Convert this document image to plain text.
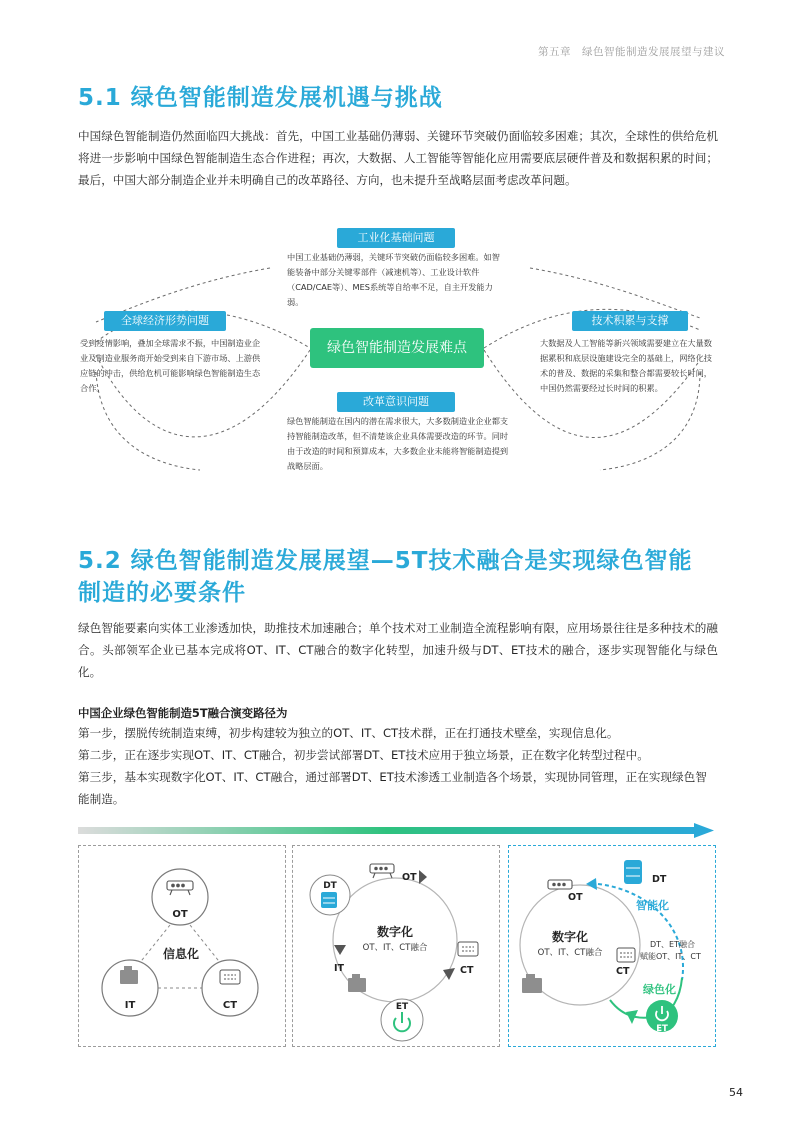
第五章　绿色智能制造发展展望与建议
5.1 绿色智能制造发展机遇与挑战

中国绿色智能制造仍然面临四大挑战：首先，中国工业基础仍薄弱、关键环节突破仍面临较多困难；其次，全球性的供给危机将进一步影响中国绿色智能制造生态合作进程；再次，大数据、人工智能等智能化应用需要底层硬件普及和数据积累的时间；最后，中国大部分制造企业并未明确自己的改革路径、方向，也未提升至战略层面考虑改革问题。

工业化基础问题
中国工业基础仍薄弱，关键环节突破仍面临较多困难。如智能装备中部分关键零部件（减速机等）、工业设计软件（CAD/CAE等）、MES系统等自给率不足，自主开发能力弱。
全球经济形势问题
受到疫情影响，叠加全球需求不振，中国制造业企业及制造业服务商开始受到来自下游市场、上游供应链的冲击，供给危机可能影响绿色智能制造生态合作。
绿色智能制造发展难点
技术积累与支撑
大数据及人工智能等新兴领域需要建立在大量数据累积和底层设施建设完全的基础上，网络化技术的普及、数据的采集和整合都需要较长时间，中国仍然需要经过长时间的积累。
改革意识问题
绿色智能制造在国内的潜在需求很大，大多数制造业企业都支持智能制造改革，但不清楚该企业具体需要改造的环节。同时由于改造的时间和预算成本，大多数企业未能将智能制造提到战略层面。
5.2 绿色智能制造发展展望—5T技术融合是实现绿色智能
制造的必要条件

绿色智能要素向实体工业渗透加快，助推技术加速融合；单个技术对工业制造全流程影响有限，应用场景往往是多种技术的融合。头部领军企业已基本完成将OT、IT、CT融合的数字化转型，加速升级与DT、ET技术的融合，逐步实现智能化与绿色化。

中国企业绿色智能制造5T融合演变路径为

第一步，摆脱传统制造束缚，初步构建较为独立的OT、IT、CT技术群，正在打通技术壁垒，实现信息化。

第二步，正在逐步实现OT、IT、CT融合，初步尝试部署DT、ET技术应用于独立场景，正在数字化转型过程中。

第三步，基本实现数字化OT、IT、CT融合，通过部署DT、ET技术渗透工业制造各个场景，实现协同管理，正在实现绿色智能制造。

OT
IT	CT
信息化
数字化
OT、IT、CT融合
OT
DT
IT	CT
ET
数字化
OT、IT、CT融合
OT
DT
智能化
DT、ET融合
赋能OT、IT、CT
CT
绿色化
ET
54
